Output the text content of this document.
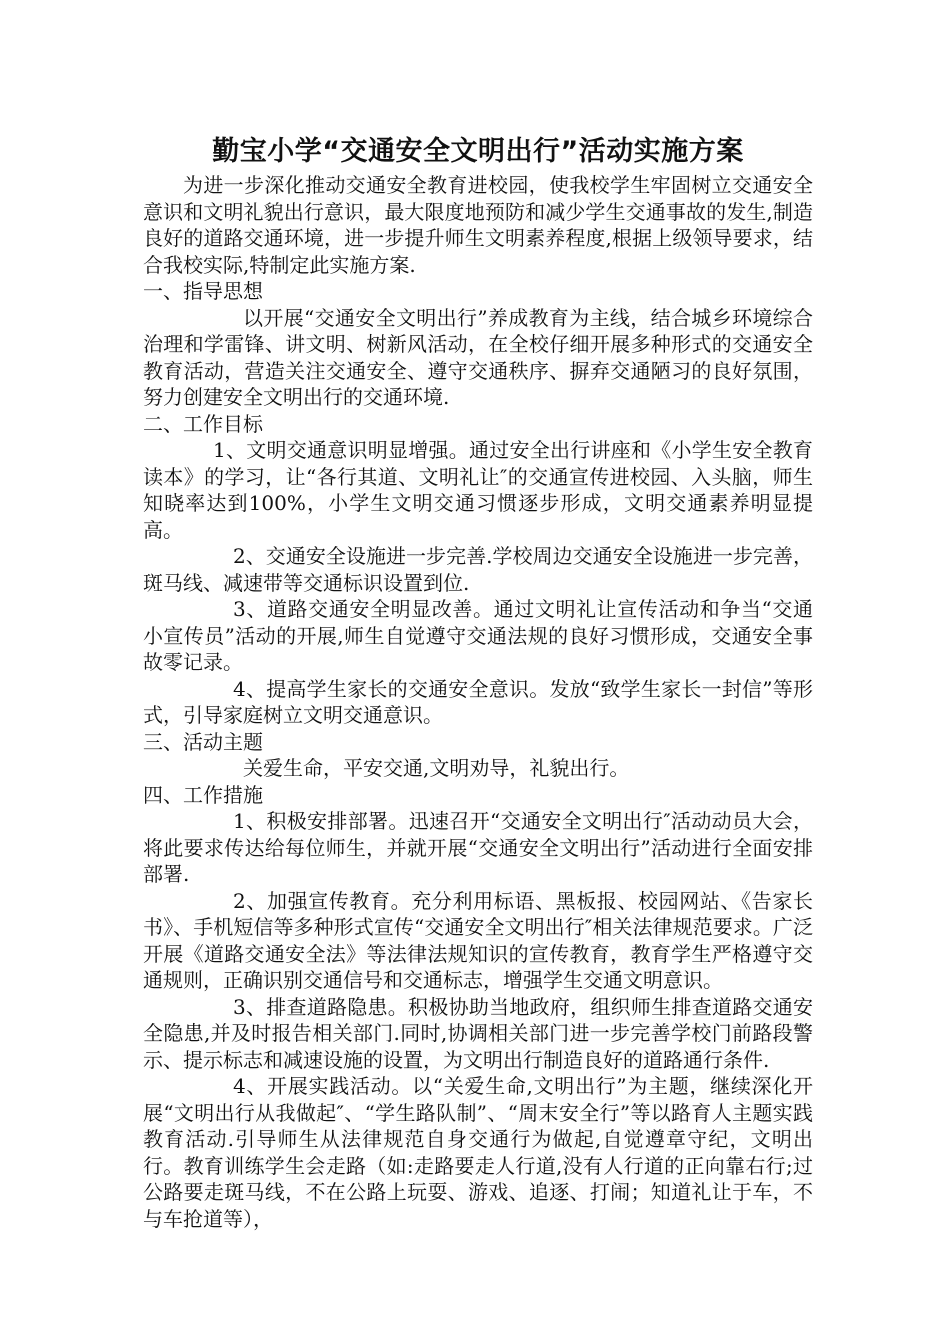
勤宝小学“交通安全文明出行”活动实施方案

为进一步深化推动交通安全教育进校园，使我校学生牢固树立交通安全意识和文明礼貌出行意识，最大限度地预防和减少学生交通事故的发生,制造良好的道路交通环境，进一步提升师生文明素养程度,根据上级领导要求，结合我校实际,特制定此实施方案.

一、指导思想

以开展“交通安全文明出行”养成教育为主线，结合城乡环境综合治理和学雷锋、讲文明、树新风活动，在全校仔细开展多种形式的交通安全教育活动，营造关注交通安全、遵守交通秩序、摒弃交通陋习的良好氛围，努力创建安全文明出行的交通环境.

二、工作目标

1、文明交通意识明显增强。通过安全出行讲座和《小学生安全教育读本》的学习，让“各行其道、文明礼让″的交通宣传进校园、入头脑，师生知晓率达到100%，小学生文明交通习惯逐步形成，文明交通素养明显提高。

2、交通安全设施进一步完善.学校周边交通安全设施进一步完善，斑马线、减速带等交通标识设置到位.

3、道路交通安全明显改善。通过文明礼让宣传活动和争当“交通小宣传员”活动的开展,师生自觉遵守交通法规的良好习惯形成，交通安全事故零记录。

4、提高学生家长的交通安全意识。发放“致学生家长一封信”等形式，引导家庭树立文明交通意识。

三、活动主题

关爱生命，平安交通,文明劝导，礼貌出行。

四、工作措施

1、积极安排部署。迅速召开“交通安全文明出行″活动动员大会，将此要求传达给每位师生，并就开展“交通安全文明出行”活动进行全面安排部署.

2、加强宣传教育。充分利用标语、黑板报、校园网站、《告家长书》、手机短信等多种形式宣传“交通安全文明出行″相关法律规范要求。广泛开展《道路交通安全法》等法律法规知识的宣传教育，教育学生严格遵守交通规则，正确识别交通信号和交通标志，增强学生交通文明意识。

3、排查道路隐患。积极协助当地政府，组织师生排查道路交通安全隐患,并及时报告相关部门.同时,协调相关部门进一步完善学校门前路段警示、提示标志和减速设施的设置，为文明出行制造良好的道路通行条件.

4、开展实践活动。以“关爱生命,文明出行”为主题，继续深化开展“文明出行从我做起″、“学生路队制”、“周末安全行”等以路育人主题实践教育活动.引导师生从法律规范自身交通行为做起,自觉遵章守纪，文明出行。教育训练学生会走路（如:走路要走人行道,没有人行道的正向靠右行;过公路要走斑马线，不在公路上玩耍、游戏、追逐、打闹；知道礼让于车，不与车抢道等），
